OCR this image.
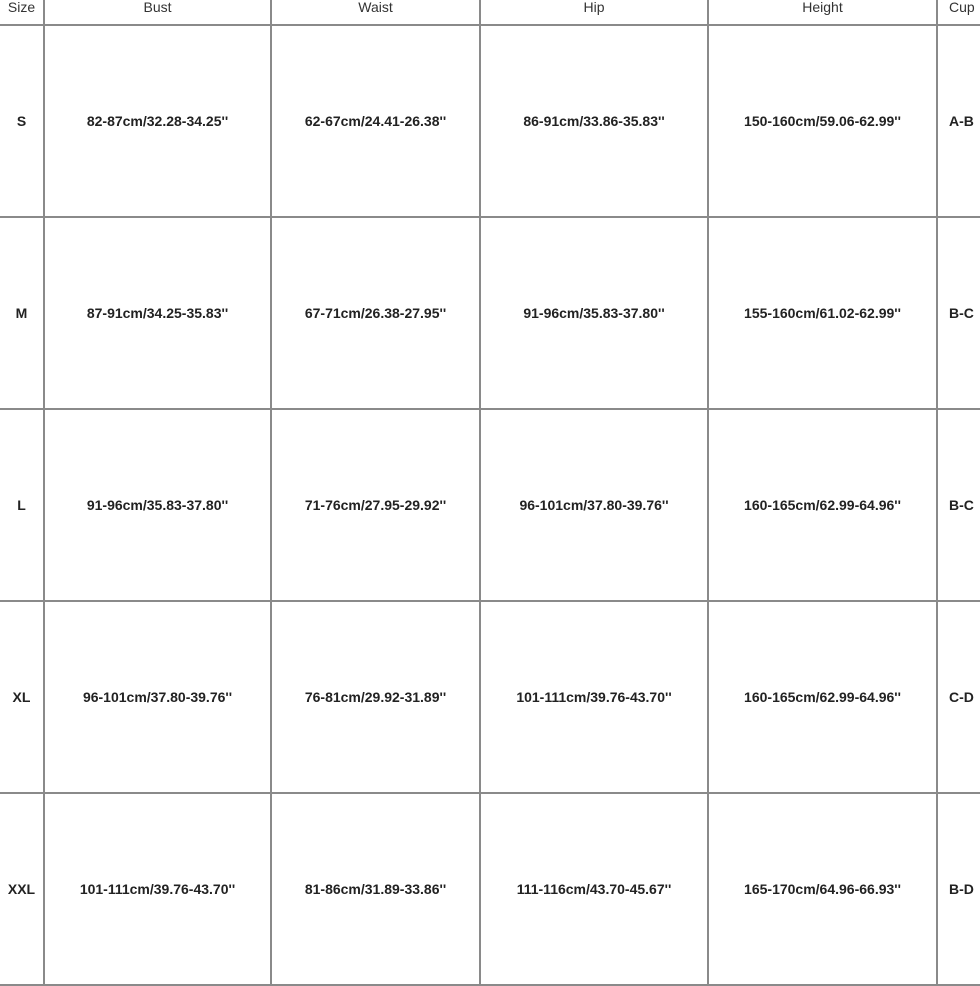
Size	Bust	Waist	Hip	Height	Cup
S	82-87cm/32.28-34.25''	62-67cm/24.41-26.38''	86-91cm/33.86-35.83''	150-160cm/59.06-62.99''	A-B
M	87-91cm/34.25-35.83''	67-71cm/26.38-27.95''	91-96cm/35.83-37.80''	155-160cm/61.02-62.99''	B-C
L	91-96cm/35.83-37.80''	71-76cm/27.95-29.92''	96-101cm/37.80-39.76''	160-165cm/62.99-64.96''	B-C
XL	96-101cm/37.80-39.76''	76-81cm/29.92-31.89''	101-111cm/39.76-43.70''	160-165cm/62.99-64.96''	C-D
XXL	101-111cm/39.76-43.70''	81-86cm/31.89-33.86''	111-116cm/43.70-45.67''	165-170cm/64.96-66.93''	B-D
